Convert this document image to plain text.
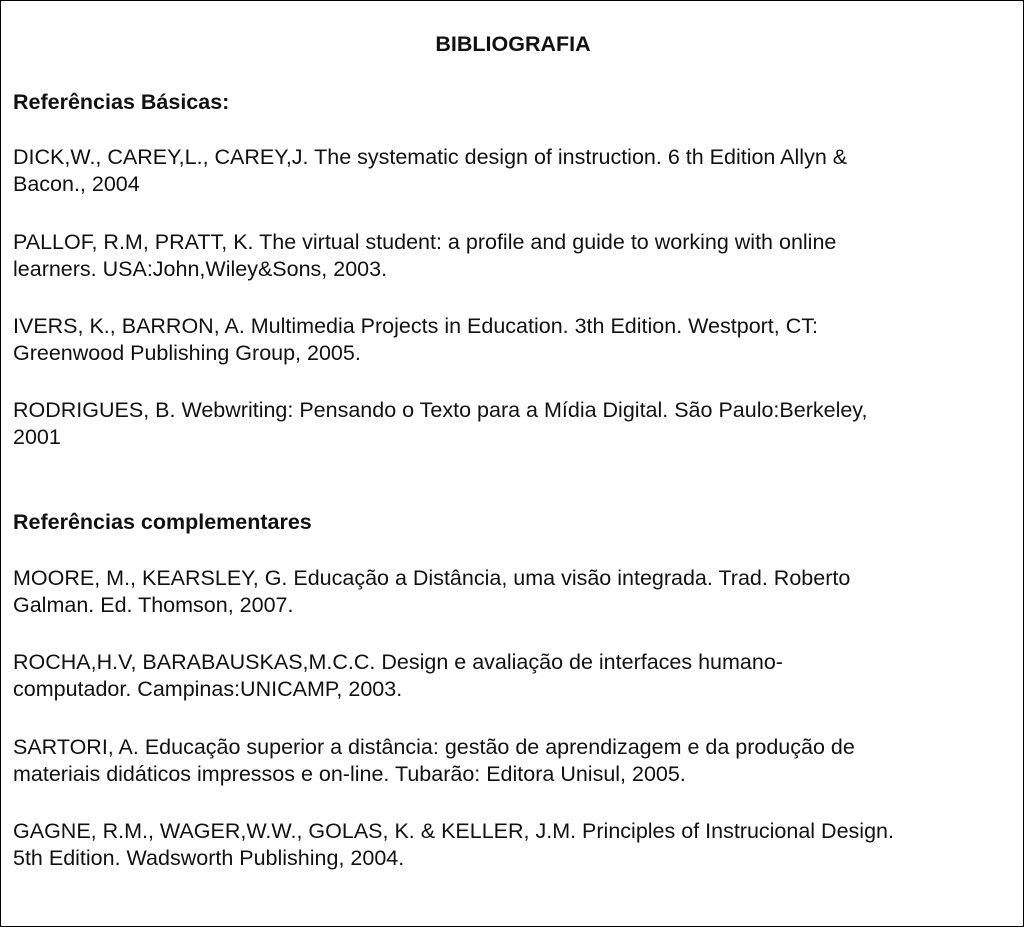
BIBLIOGRAFIA
Referências Básicas:

DICK,W., CAREY,L., CAREY,J. The systematic design of instruction. 6 th Edition Allyn &
Bacon., 2004

PALLOF, R.M, PRATT, K. The virtual student: a profile and guide to working with online
learners. USA:John,Wiley&Sons, 2003.

IVERS, K., BARRON, A. Multimedia Projects in Education. 3th Edition. Westport, CT:
Greenwood Publishing Group, 2005.

RODRIGUES, B. Webwriting: Pensando o Texto para a Mídia Digital. São Paulo:Berkeley,
2001

Referências complementares

MOORE, M., KEARSLEY, G. Educação a Distância, uma visão integrada. Trad. Roberto
Galman. Ed. Thomson, 2007.

ROCHA,H.V, BARABAUSKAS,M.C.C. Design e avaliação de interfaces humano-
computador. Campinas:UNICAMP, 2003.

SARTORI, A. Educação superior a distância: gestão de aprendizagem e da produção de
materiais didáticos impressos e on-line. Tubarão: Editora Unisul, 2005.

GAGNE, R.M., WAGER,W.W., GOLAS, K. & KELLER, J.M. Principles of Instrucional Design.
5th Edition. Wadsworth Publishing, 2004.
